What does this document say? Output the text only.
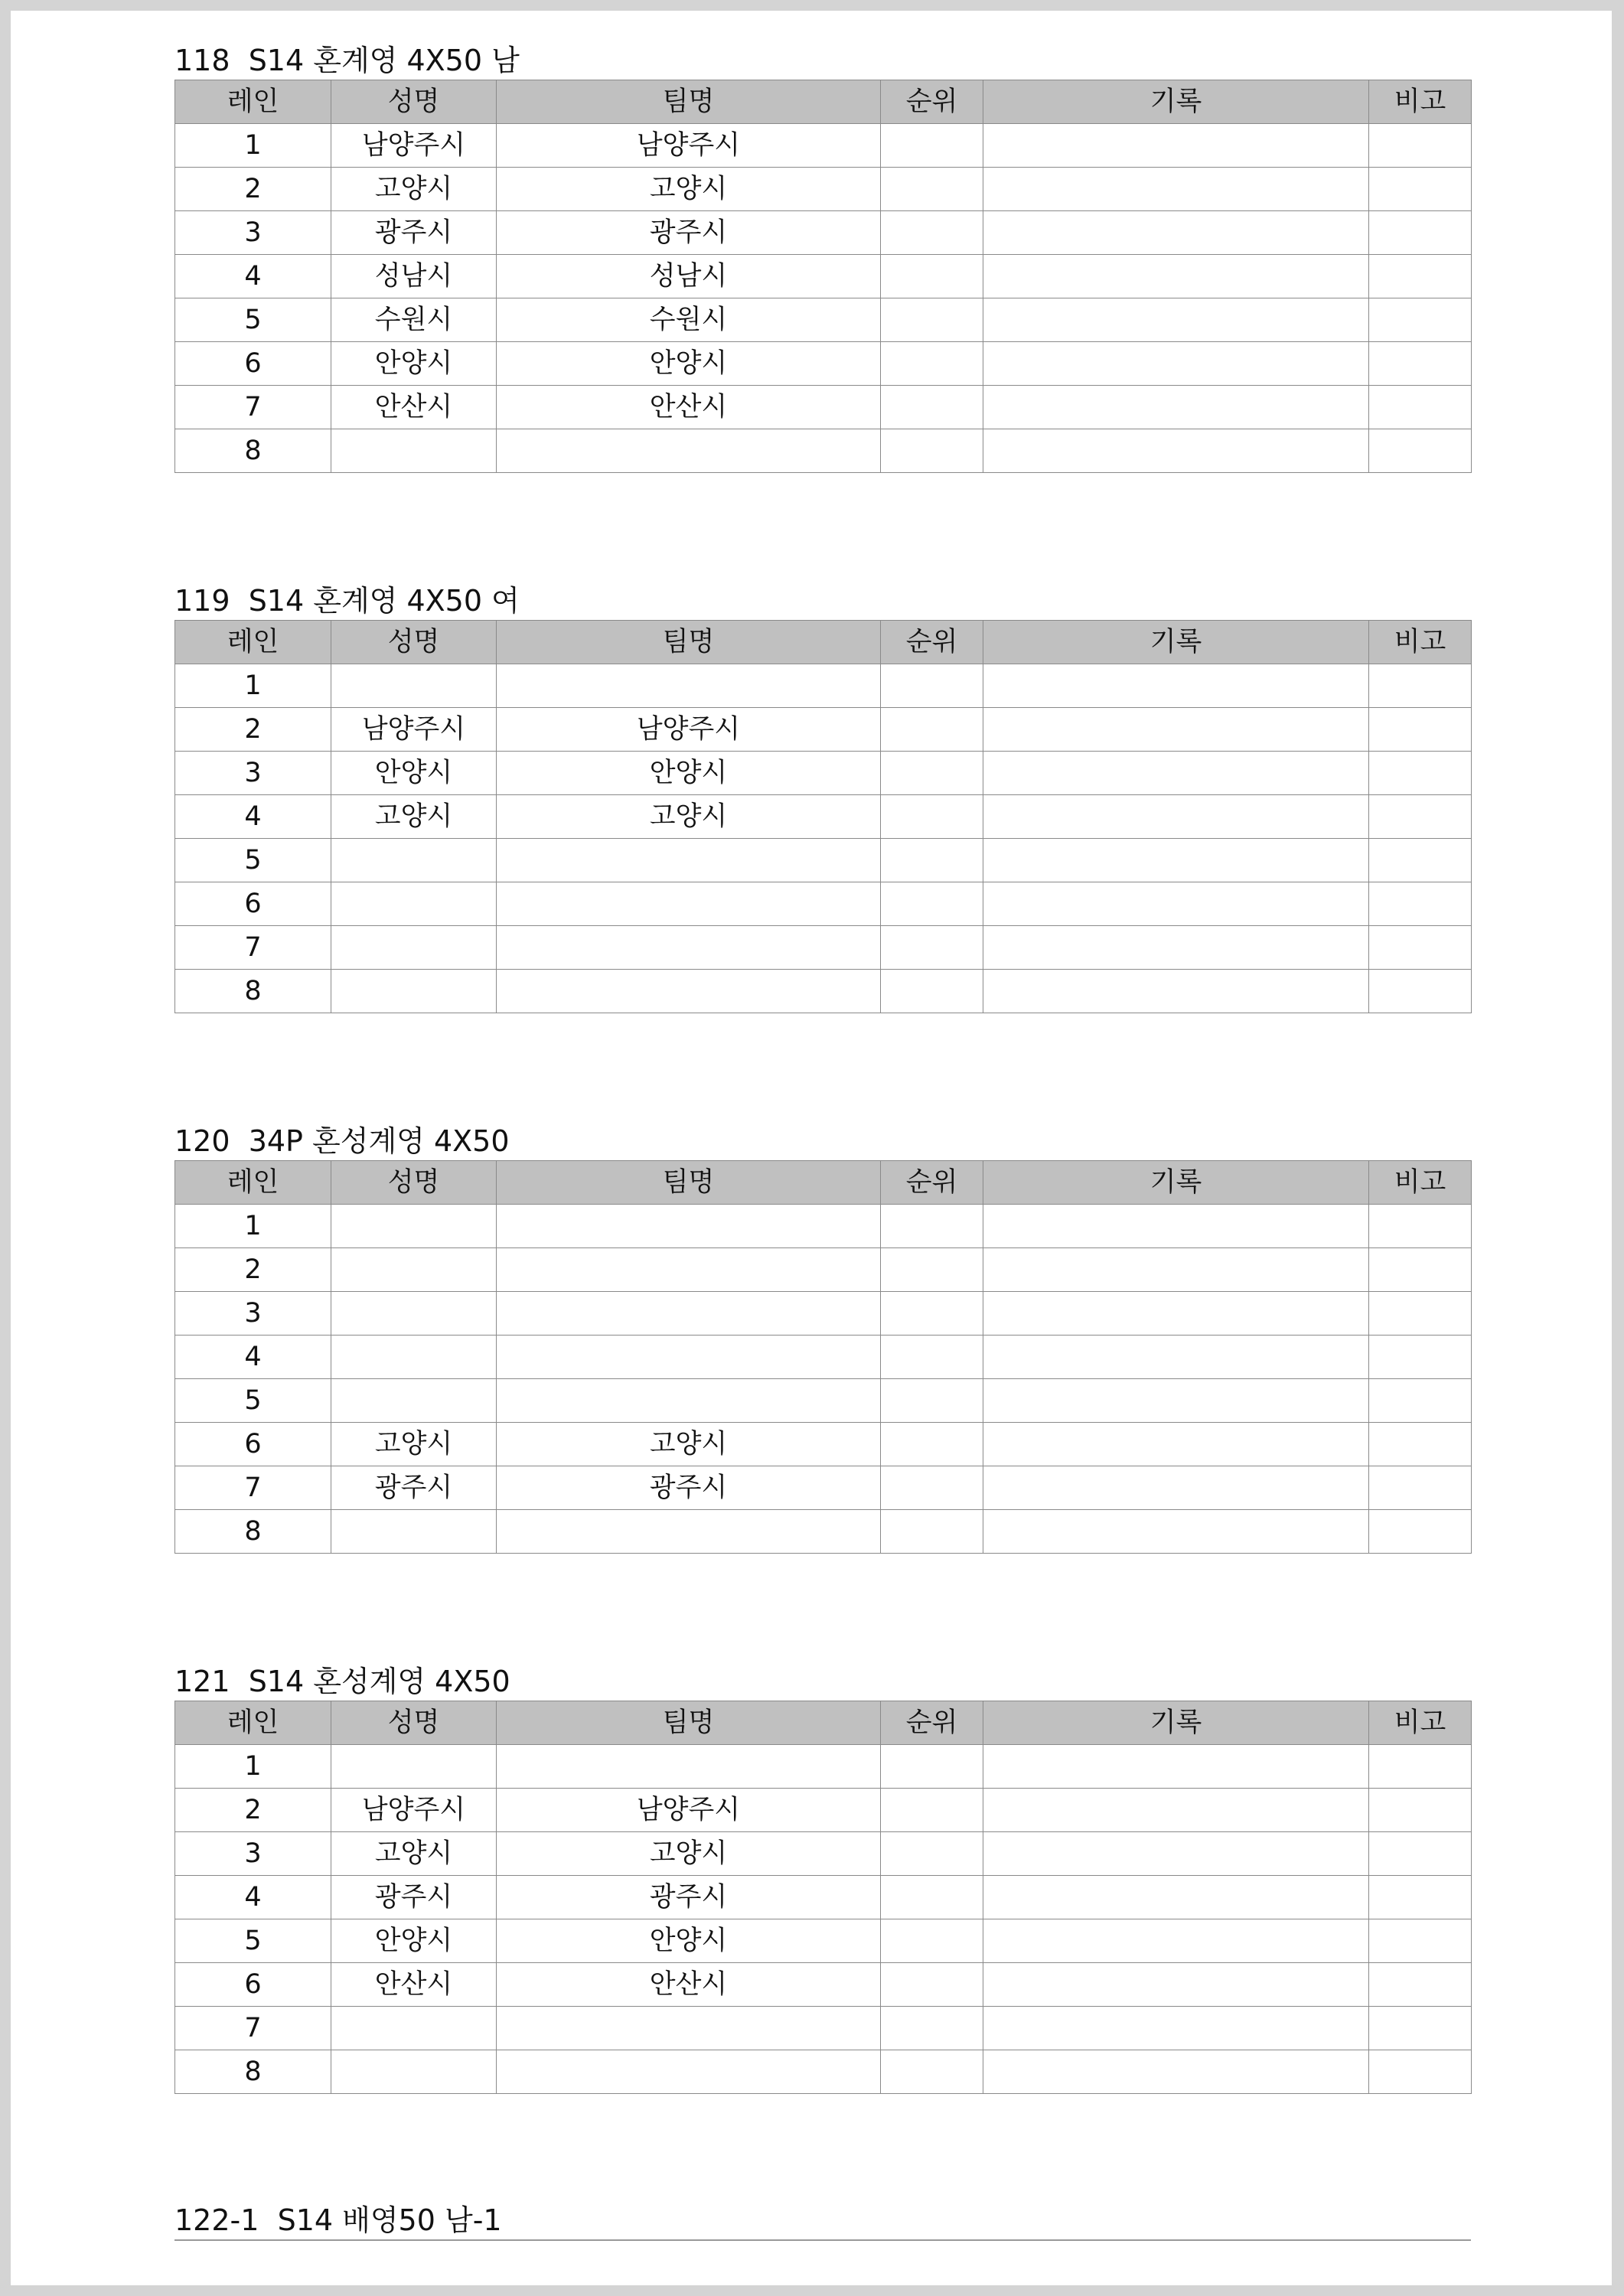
118  S14 혼계영 4X50 남
레인	성명	팀명	순위	기록	비고
1	남양주시	남양주시			
2	고양시	고양시			
3	광주시	광주시			
4	성남시	성남시			
5	수원시	수원시			
6	안양시	안양시			
7	안산시	안산시			
8					
119  S14 혼계영 4X50 여
레인	성명	팀명	순위	기록	비고
1					
2	남양주시	남양주시			
3	안양시	안양시			
4	고양시	고양시			
5					
6					
7					
8					
120  34P 혼성계영 4X50
레인	성명	팀명	순위	기록	비고
1					
2					
3					
4					
5					
6	고양시	고양시			
7	광주시	광주시			
8					
121  S14 혼성계영 4X50
레인	성명	팀명	순위	기록	비고
1					
2	남양주시	남양주시			
3	고양시	고양시			
4	광주시	광주시			
5	안양시	안양시			
6	안산시	안산시			
7					
8					
122-1  S14 배영50 남-1
